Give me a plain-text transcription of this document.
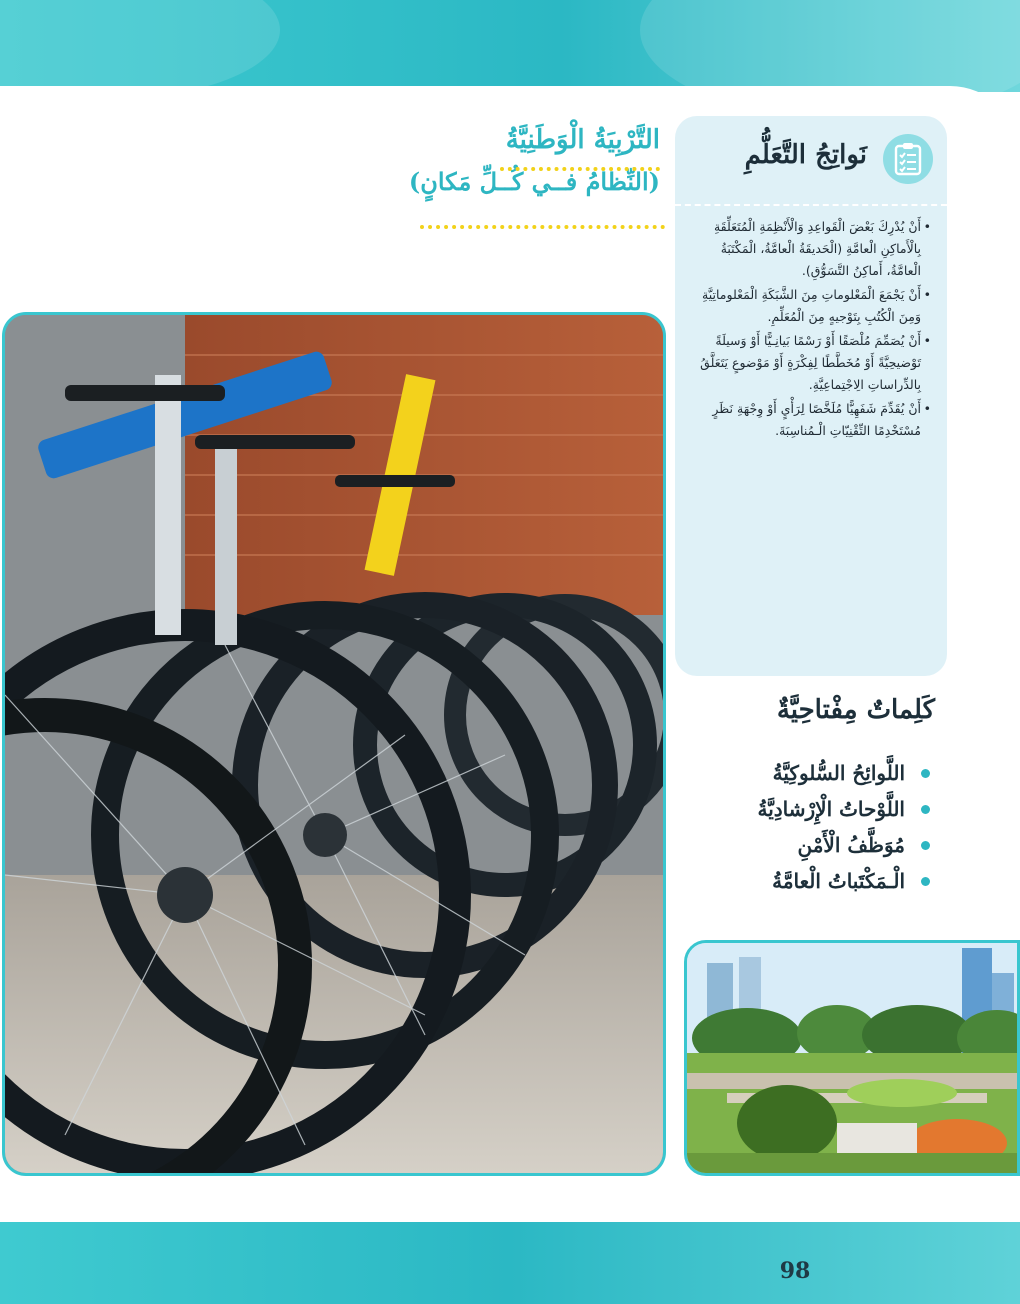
التَّرْبِيَةُ الْوَطَنِيَّةُ
(النِّظامُ فــي كُــلِّ مَكانٍ)
نَواتِجُ التَّعَلُّمِ
• أَنْ يُدْرِكَ بَعْضَ الْقَواعِدِ وَالْأَنْظِمَةِ الْمُتَعَلِّقَةِ بِالْأَماكِنِ الْعامَّةِ (الْحَديقَةُ الْعامَّةُ، الْمَكْتَبَةُ الْعامَّةُ، أَماكِنُ التَّسَوُّقِ).
• أَنْ يَجْمَعَ الْمَعْلوماتِ مِنَ الشَّبَكَةِ الْمَعْلوماتِيَّةِ وَمِنَ الْكُتُبِ بِتَوْجيهٍ مِنَ الْمُعَلِّمِ.
• أَنْ يُصَمِّمَ مُلْصَقًا أَوْ رَسْمًا بَيانِـيًّا أَوْ وَسيلَةً تَوْضيحِيَّةً أَوْ مُخَطَّطًا لِفِكْرَةٍ أَوْ مَوْضوعٍ يَتَعَلَّقُ بِالدِّراساتِ الِاجْتِماعِيَّةِ.
• أَنْ يُقَدِّمَ شَفَهِيًّا مُلَخَّصًا لِرَأْيٍ أَوْ وِجْهَةِ نَظَرٍ مُسْتَخْدِمًا التِّقْنِيّاتِ الْـمُناسِبَةَ.
كَلِماتٌ مِفْتاحِيَّةٌ
اللَّوائِحُ السُّلوكِيَّةُ
اللَّوْحاتُ الْإِرْشادِيَّةُ
مُوَظَّفُ الْأَمْنِ
الْـمَكْتَباتُ الْعامَّةُ
98
